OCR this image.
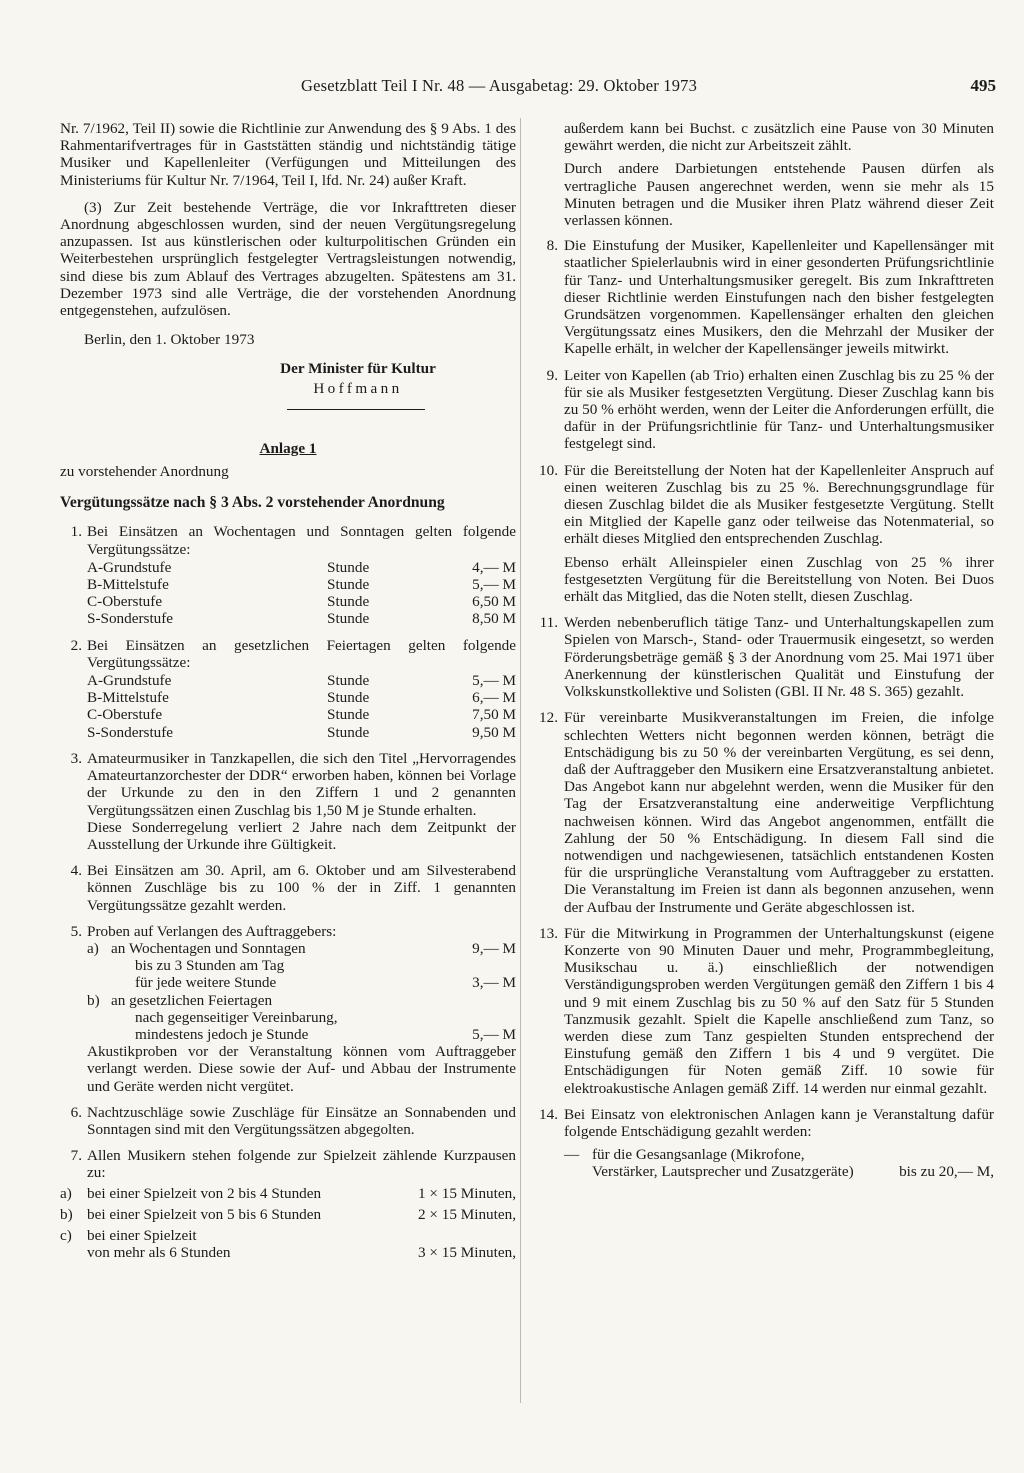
Gesetzblatt Teil I Nr. 48 — Ausgabetag: 29. Oktober 1973	495

Nr. 7/1962, Teil II) sowie die Richtlinie zur Anwendung des § 9 Abs. 1 des Rahmentarifvertrages für in Gaststätten ständig und nichtständig tätige Musiker und Kapellenleiter (Verfügungen und Mitteilungen des Ministeriums für Kultur Nr. 7/1964, Teil I, lfd. Nr. 24) außer Kraft.

(3) Zur Zeit bestehende Verträge, die vor Inkrafttreten dieser Anordnung abgeschlossen wurden, sind der neuen Vergütungsregelung anzupassen. Ist aus künstlerischen oder kulturpolitischen Gründen ein Weiterbestehen ursprünglich festgelegter Vertragsleistungen notwendig, sind diese bis zum Ablauf des Vertrages abzugelten. Spätestens am 31. Dezember 1973 sind alle Verträge, die der vorstehenden Anordnung entgegenstehen, aufzulösen.

Berlin, den 1. Oktober 1973

Der Minister für Kultur

Hoffmann

Anlage 1

zu vorstehender Anordnung

Vergütungssätze nach § 3 Abs. 2 vorstehender Anordnung

1. Bei Einsätzen an Wochentagen und Sonntagen gelten folgende Vergütungssätze:

A-Grundstufe	Stunde	4,— M
B-Mittelstufe	Stunde	5,— M
C-Oberstufe	Stunde	6,50 M
S-Sonderstufe	Stunde	8,50 M
2. Bei Einsätzen an gesetzlichen Feiertagen gelten folgende Vergütungssätze:

A-Grundstufe	Stunde	5,— M
B-Mittelstufe	Stunde	6,— M
C-Oberstufe	Stunde	7,50 M
S-Sonderstufe	Stunde	9,50 M
3. Amateurmusiker in Tanzkapellen, die sich den Titel „Hervorragendes Amateurtanzorchester der DDR“ erworben haben, können bei Vorlage der Urkunde zu den in den Ziffern 1 und 2 genannten Vergütungssätzen einen Zuschlag bis 1,50 M je Stunde erhalten.

Diese Sonderregelung verliert 2 Jahre nach dem Zeitpunkt der Ausstellung der Urkunde ihre Gültigkeit.

4. Bei Einsätzen am 30. April, am 6. Oktober und am Silvesterabend können Zuschläge bis zu 100 % der in Ziff. 1 genannten Vergütungssätze gezahlt werden.

5. Proben auf Verlangen des Auftraggebers:

a) an Wochentagen und Sonntagen	9,— M
bis zu 3 Stunden am Tag
für jede weitere Stunde	3,— M
b) an gesetzlichen Feiertagen
nach gegenseitiger Vereinbarung,
mindestens jedoch je Stunde	5,— M

Akustikproben vor der Veranstaltung können vom Auftraggeber verlangt werden. Diese sowie der Auf- und Abbau der Instrumente und Geräte werden nicht vergütet.

6. Nachtzuschläge sowie Zuschläge für Einsätze an Sonnabenden und Sonntagen sind mit den Vergütungssätzen abgegolten.

7. Allen Musikern stehen folgende zur Spielzeit zählende Kurzpausen zu:

a) bei einer Spielzeit von 2 bis 4 Stunden	1 × 15 Minuten,
b) bei einer Spielzeit von 5 bis 6 Stunden	2 × 15 Minuten,
c) bei einer Spielzeit
von mehr als 6 Stunden	3 × 15 Minuten,

außerdem kann bei Buchst. c zusätzlich eine Pause von 30 Minuten gewährt werden, die nicht zur Arbeitszeit zählt.

Durch andere Darbietungen entstehende Pausen dürfen als vertragliche Pausen angerechnet werden, wenn sie mehr als 15 Minuten betragen und die Musiker ihren Platz während dieser Zeit verlassen können.

8. Die Einstufung der Musiker, Kapellenleiter und Kapellensänger mit staatlicher Spielerlaubnis wird in einer gesonderten Prüfungsrichtlinie für Tanz- und Unterhaltungsmusiker geregelt. Bis zum Inkrafttreten dieser Richtlinie werden Einstufungen nach den bisher festgelegten Grundsätzen vorgenommen. Kapellensänger erhalten den gleichen Vergütungssatz eines Musikers, den die Mehrzahl der Musiker der Kapelle erhält, in welcher der Kapellensänger jeweils mitwirkt.

9. Leiter von Kapellen (ab Trio) erhalten einen Zuschlag bis zu 25 % der für sie als Musiker festgesetzten Vergütung. Dieser Zuschlag kann bis zu 50 % erhöht werden, wenn der Leiter die Anforderungen erfüllt, die dafür in der Prüfungsrichtlinie für Tanz- und Unterhaltungsmusiker festgelegt sind.

10. Für die Bereitstellung der Noten hat der Kapellenleiter Anspruch auf einen weiteren Zuschlag bis zu 25 %. Berechnungsgrundlage für diesen Zuschlag bildet die als Musiker festgesetzte Vergütung. Stellt ein Mitglied der Kapelle ganz oder teilweise das Notenmaterial, so erhält dieses Mitglied den entsprechenden Zuschlag.

Ebenso erhält Alleinspieler einen Zuschlag von 25 % ihrer festgesetzten Vergütung für die Bereitstellung von Noten. Bei Duos erhält das Mitglied, das die Noten stellt, diesen Zuschlag.

11. Werden nebenberuflich tätige Tanz- und Unterhaltungskapellen zum Spielen von Marsch-, Stand- oder Trauermusik eingesetzt, so werden Förderungsbeträge gemäß § 3 der Anordnung vom 25. Mai 1971 über Anerkennung der künstlerischen Qualität und Einstufung der Volkskunstkollektive und Solisten (GBl. II Nr. 48 S. 365) gezahlt.

12. Für vereinbarte Musikveranstaltungen im Freien, die infolge schlechten Wetters nicht begonnen werden können, beträgt die Entschädigung bis zu 50 % der vereinbarten Vergütung, es sei denn, daß der Auftraggeber den Musikern eine Ersatzveranstaltung anbietet. Das Angebot kann nur abgelehnt werden, wenn die Musiker für den Tag der Ersatzveranstaltung eine anderweitige Verpflichtung nachweisen können. Wird das Angebot angenommen, entfällt die Zahlung der 50 % Entschädigung. In diesem Fall sind die notwendigen und nachgewiesenen, tatsächlich entstandenen Kosten für die ursprüngliche Veranstaltung vom Auftraggeber zu erstatten. Die Veranstaltung im Freien ist dann als begonnen anzusehen, wenn der Aufbau der Instrumente und Geräte abgeschlossen ist.

13. Für die Mitwirkung in Programmen der Unterhaltungskunst (eigene Konzerte von 90 Minuten Dauer und mehr, Programmbegleitung, Musikschau u. ä.) einschließlich der notwendigen Verständigungsproben werden Vergütungen gemäß den Ziffern 1 bis 4 und 9 mit einem Zuschlag bis zu 50 % auf den Satz für 5 Stunden Tanzmusik gezahlt. Spielt die Kapelle anschließend zum Tanz, so werden diese zum Tanz gespielten Stunden entsprechend der Einstufung gemäß den Ziffern 1 bis 4 und 9 vergütet. Die Entschädigungen für Noten gemäß Ziff. 10 sowie für elektroakustische Anlagen gemäß Ziff. 14 werden nur einmal gezahlt.

14. Bei Einsatz von elektronischen Anlagen kann je Veranstaltung dafür folgende Entschädigung gezahlt werden:

— für die Gesangsanlage (Mikrofone, Verstärker, Lautsprecher und Zusatzgeräte)	bis zu 20,— M,
